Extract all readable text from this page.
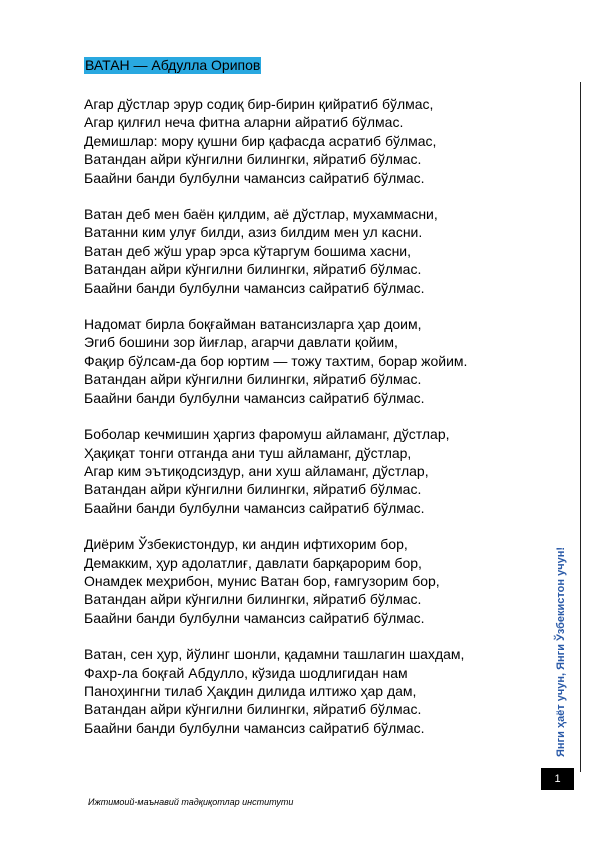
ВАТАН — Абдулла Орипов
Агар дўстлар эрур содиқ бир-бирин қийратиб бўлмас,
Агар қилғил неча фитна аларни айратиб бўлмас.
Демишлар: мору қушни бир қафасда асратиб бўлмас,
Ватандан айри кўнгилни билингки, яйратиб бўлмас.
Баайни банди булбулни чамансиз сайратиб бўлмас.
Ватан деб мен баён қилдим, аё дўстлар, мухаммасни,
Ватанни ким улуғ билди, азиз билдим мен ул касни.
Ватан деб жўш урар эрса кўтаргум бошима хасни,
Ватандан айри кўнгилни билингки, яйратиб бўлмас.
Баайни банди булбулни чамансиз сайратиб бўлмас.
Надомат бирла боқғайман ватансизларга ҳар доим,
Эгиб бошини зор йиғлар, агарчи давлати қойим,
Фақир бўлсам-да бор юртим — тожу тахтим, борар жойим.
Ватандан айри кўнгилни билингки, яйратиб бўлмас.
Баайни банди булбулни чамансиз сайратиб бўлмас.
Боболар кечмишин ҳаргиз фаромуш айламанг, дўстлар,
Ҳақиқат тонги отганда ани туш айламанг, дўстлар,
Агар ким эътиқодсиздур, ани хуш айламанг, дўстлар,
Ватандан айри кўнгилни билингки, яйратиб бўлмас.
Баайни банди булбулни чамансиз сайратиб бўлмас.
Диёрим Ўзбекистондур, ки андин ифтихорим бор,
Демакким, ҳур адолатлиғ, давлати барқарорим бор,
Онамдек меҳрибон, мунис Ватан бор, ғамгузорим бор,
Ватандан айри кўнгилни билингки, яйратиб бўлмас.
Баайни банди булбулни чамансиз сайратиб бўлмас.
Ватан, сен ҳур, йўлинг шонли, қадамни ташлагин шахдам,
Фахр-ла боқғай Абдулло, кўзида шодлигидан нам
Паноҳингни тилаб Ҳақдин дилида илтижо ҳар дам,
Ватандан айри кўнгилни билингки, яйратиб бўлмас.
Баайни банди булбулни чамансиз сайратиб бўлмас.	Янги ҳаёт учун, Янги Ўзбекистон учун!
1
Ижтимоий-маънавий тадқиқотлар институти
